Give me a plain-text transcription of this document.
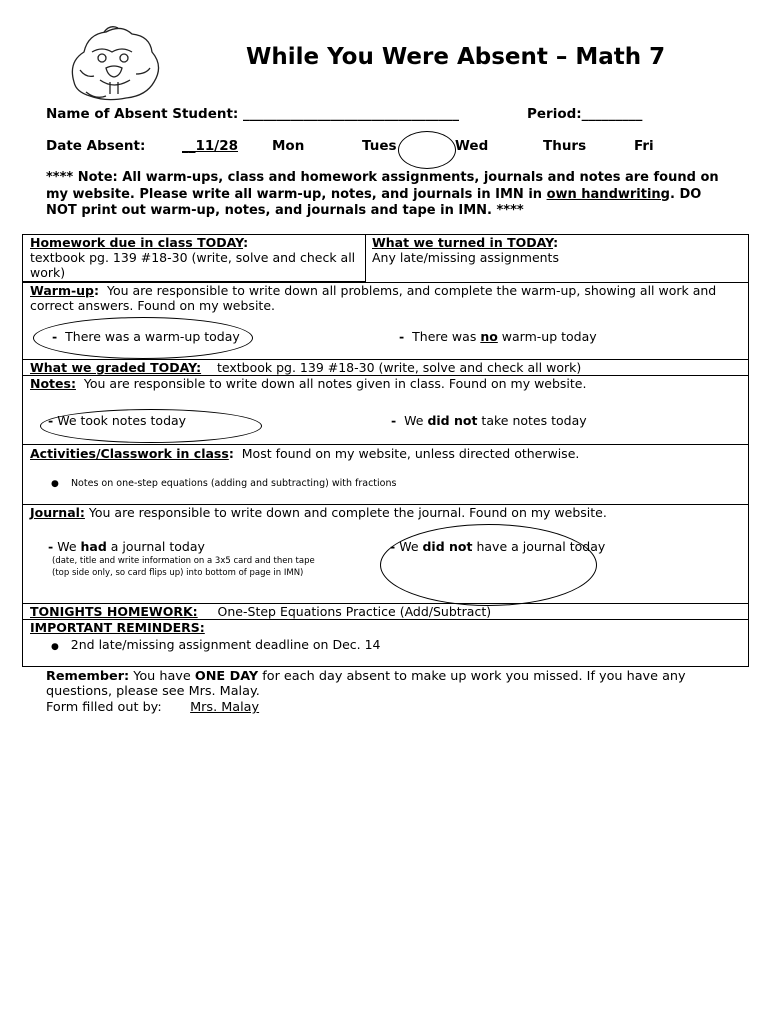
While You Were Absent – Math 7
Name of Absent Student: ________________________________	Period:_________
Date Absent:	__11/28	Mon	Tues	Wed	Thurs	Fri
**** Note: All warm-ups, class and homework assignments, journals and notes are found on my website. Please write all warm-up, notes, and journals in IMN in own handwriting. DO NOT print out warm-up, notes, and journals and tape in IMN. ****
Homework due in class TODAY:
textbook pg. 139 #18-30 (write, solve and check all work)
What we turned in TODAY:
Any late/missing assignments
Warm-up: You are responsible to write down all problems, and complete the warm-up, showing all work and correct answers. Found on my website.
- There was a warm-up today	- There was no warm-up today
What we graded TODAY: textbook pg. 139 #18-30 (write, solve and check all work)
Notes: You are responsible to write down all notes given in class. Found on my website.
- We took notes today	- We did not take notes today
Activities/Classwork in class: Most found on my website, unless directed otherwise.
● Notes on one-step equations (adding and subtracting) with fractions
Journal: You are responsible to write down and complete the journal. Found on my website.
- We had a journal today
(date, title and write information on a 3x5 card and then tape (top side only, so card flips up) into bottom of page in IMN)
- We did not have a journal today
TONIGHTS HOMEWORK: One-Step Equations Practice (Add/Subtract)
IMPORTANT REMINDERS:
● 2nd late/missing assignment deadline on Dec. 14
Remember: You have ONE DAY for each day absent to make up work you missed. If you have any questions, please see Mrs. Malay.
Form filled out by: Mrs. Malay
